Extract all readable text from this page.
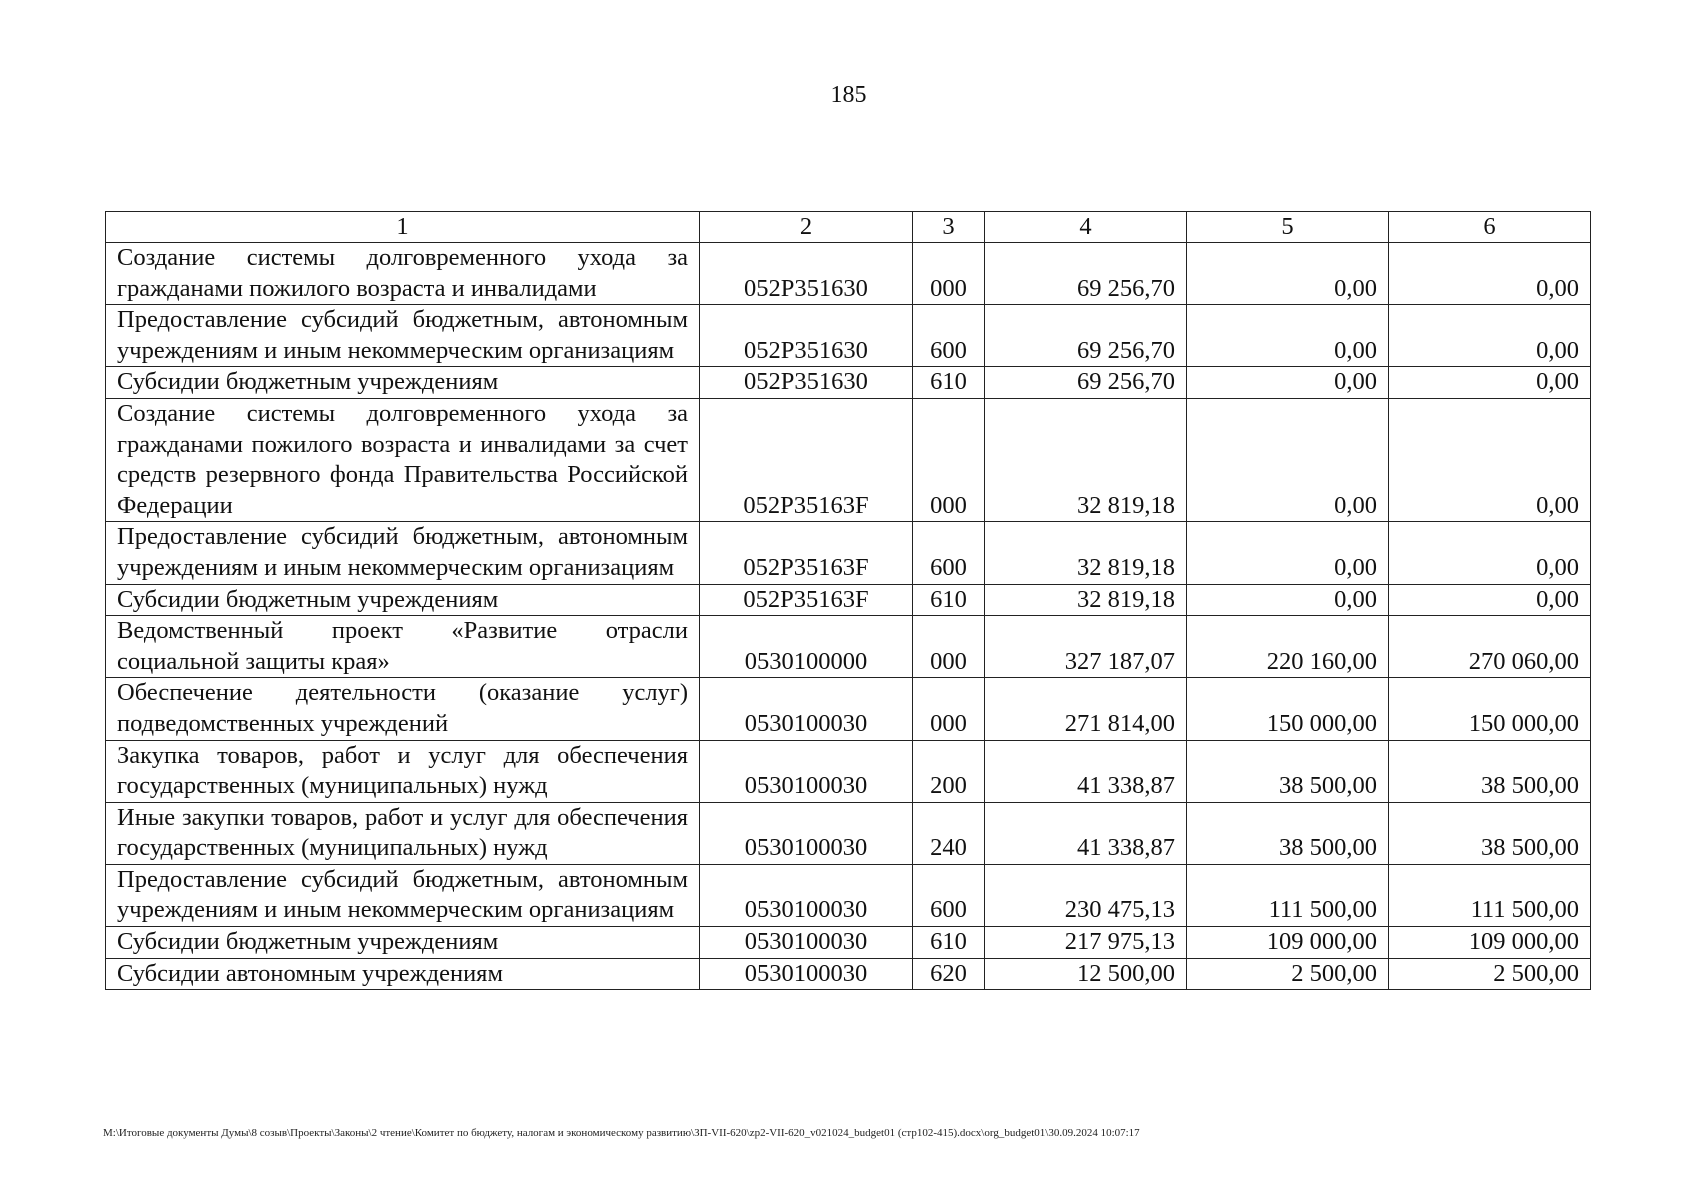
185
1	2	3	4	5	6
Создание системы долговременного ухода за гражданами пожилого возраста и инвалидами	052P351630	000	69 256,70	0,00	0,00
Предоставление субсидий бюджетным, автономным учреждениям и иным некоммерческим организациям	052P351630	600	69 256,70	0,00	0,00
Субсидии бюджетным учреждениям	052P351630	610	69 256,70	0,00	0,00
Создание системы долговременного ухода за гражданами пожилого возраста и инвалидами за счет средств резервного фонда Правительства Российской Федерации	052P35163F	000	32 819,18	0,00	0,00
Предоставление субсидий бюджетным, автономным учреждениям и иным некоммерческим организациям	052P35163F	600	32 819,18	0,00	0,00
Субсидии бюджетным учреждениям	052P35163F	610	32 819,18	0,00	0,00
Ведомственный проект «Развитие отрасли социальной защиты края»	0530100000	000	327 187,07	220 160,00	270 060,00
Обеспечение деятельности (оказание услуг) подведомственных учреждений	0530100030	000	271 814,00	150 000,00	150 000,00
Закупка товаров, работ и услуг для обеспечения государственных (муниципальных) нужд	0530100030	200	41 338,87	38 500,00	38 500,00
Иные закупки товаров, работ и услуг для обеспечения государственных (муниципальных) нужд	0530100030	240	41 338,87	38 500,00	38 500,00
Предоставление субсидий бюджетным, автономным учреждениям и иным некоммерческим организациям	0530100030	600	230 475,13	111 500,00	111 500,00
Субсидии бюджетным учреждениям	0530100030	610	217 975,13	109 000,00	109 000,00
Субсидии автономным учреждениям	0530100030	620	12 500,00	2 500,00	2 500,00
M:\Итоговые документы Думы\8 созыв\Проекты\Законы\2 чтение\Комитет по бюджету, налогам и экономическому развитию\ЗП-VII-620\zp2-VII-620_v021024_budget01 (стр102-415).docx\org_budget01\30.09.2024 10:07:17
